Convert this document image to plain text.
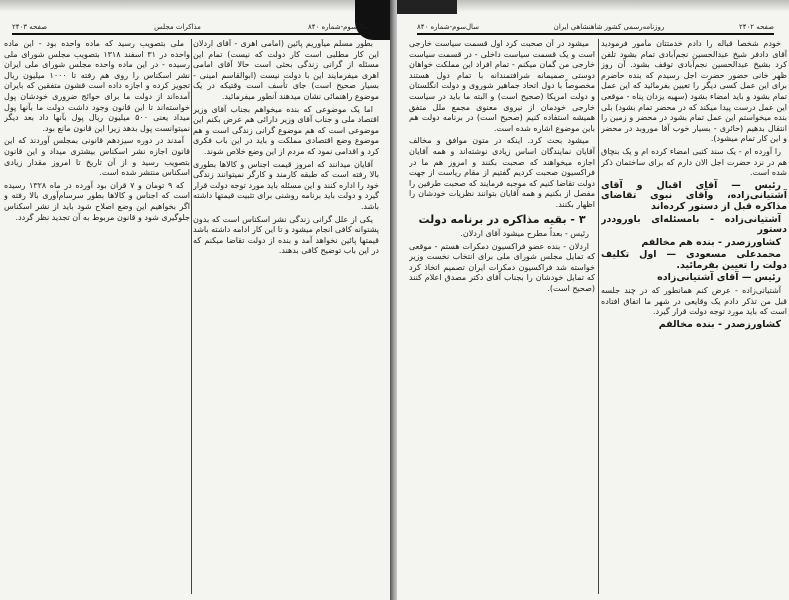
سال‌سوم-شماره ۸۴۰
مذاکرات مجلس
صفحه ۲۴۰۳

بطور مسلم میآوریم پائین (امامی اهری - آقای اردلان این کار مطلبی است کار دولت که نیست) تمام این مسئله از گرانی زندگی بحثی است حالا آقای امامی اهری میفرمایند این با دولت نیست (ابوالقاسم امینی - بسیار صحیح است) جای تأسف است وقتیکه در یک موضوع راهنمائی نشان میدهند آنطور میفرمائید.

اما یک موضوعی که بنده میخواهم بجناب آقای وزیر اقتصاد ملی و جناب آقای وزیر دارائی هم عرض بکنم این موضوعی است که هم موضوع گرانی زندگی است و هم موضوع وضع اقتصادی مملکت و باید در این باب فکری کرد و اقدامی نمود که مردم از این وضع خلاص شوند.

آقایان میدانند که امروز قیمت اجناس و کالاها بطوری بالا رفته است که طبقه کارمند و کارگر نمیتوانند زندگی خود را اداره کنند و این مسئله باید مورد توجه دولت قرار گیرد و دولت باید برنامه روشنی برای تثبیت قیمتها داشته باشد.

یکی از علل گرانی زندگی نشر اسکناس است که بدون پشتوانه کافی انجام میشود و تا این کار ادامه داشته باشد قیمتها پائین نخواهد آمد و بنده از دولت تقاضا میکنم که در این باب توضیح کافی بدهند.

ملی بتصویب رسید که ماده واحده بود - این ماده واحده در ۳۱ اسفند ۱۳۱۸ بتصویب مجلس شورای ملی رسیده - در این ماده واحده مجلس شورای ملی ایران نشر اسکناس را روی هم رفته تا ۱۰۰۰ میلیون ریال تجویز کرده و اجازه داده است قشون متفقین که بایران آمده‌اند از دولت ما برای حوائج ضروری خودشان پول خواسته‌اند تا این قانون وجود داشت دولت ما بآنها پول میداد یعنی ۵۰۰ میلیون ریال پول بآنها داد بعد دیگر نمیتوانست پول بدهد زیرا این قانون مانع بود.

آمدند در دوره سیزدهم قانونی بمجلس آوردند که این قانون اجازه نشر اسکناس بیشتری میداد و این قانون بتصویب رسید و از آن تاریخ تا امروز مقدار زیادی اسکناس منتشر شده است.

که ۹ تومان و ۷ قران بود آورده در ماه ۱۳۲۸ رسیده است که اجناس و کالاها بطور سرسام‌آوری بالا رفته و اگر بخواهیم این وضع اصلاح شود باید از نشر اسکناس جلوگیری شود و قانون مربوط به آن تجدید نظر گردد.

صفحه ۲۴۰۲
روزنامه‌رسمی کشور شاهنشاهی ایران
سال‌سوم-شماره ۸۴۰

میشود در آن صحبت کرد اول قسمت سیاست خارجی است و یک قسمت سیاست داخلی - در قسمت سیاست خارجی من گمان میکنم - تمام افراد این مملکت خواهان دوستی صمیمانه شرافتمندانه با تمام دول هستند مخصوصاً با دول اتحاد جماهیر شوروی و دولت انگلستان و دولت امریکا (صحیح است) و البته ما باید در سیاست خارجی خودمان از نیروی معنوی مجمع ملل متفق همیشه استفاده کنیم (صحیح است) در برنامه دولت هم باین موضوع اشاره شده است.

میشود بحث کرد. اینکه در متون موافق و مخالف آقایان نمایندگان اساس زیادی نوشته‌اند و همه آقایان اجازه میخواهند که صحبت بکنند و امروز هم ما در فراکسیون صحبت کردیم گفتیم از مقام ریاست از جهت دولت تقاضا کنیم که موجبه فرمایند که صحبت طرفین را مفصل از بکنیم و همه آقایان بتوانند نظریات خودشان را اظهار بکنند.

۳ - بقیه مذاکره در برنامه دولت

رئیس - بعداً مطرح میشود آقای اردلان.

اردلان - بنده عضو فراکسیون دمکرات هستم - موقعی که تمایل مجلس شورای ملی برای انتخاب نخست وزیر خواسته شد فراکسیون دمکرات ایران تصمیم اتخاذ کرد که تمایل خودشان را بجناب آقای دکتر مصدق اعلام کنند (صحیح است).

خودم شخصاً قباله را دادم خدمتتان مأمور فرمودید آقای دادفر شیخ عبدالحسین نجم‌آبادی تمام بشود تلفن کرد بشیخ عبدالحسین نجم‌آبادی توقف بشود. آن روز ظهر خانی حضور حضرت اجل رسیدم که بنده حاضرم برای این عمل کسی دیگر را تعیین بفرمائید که این عمل تمام بشود و باید امضاء بشود (سهیه یزدان پناه - موقعی این عمل درست پیدا میکند که در محضر تمام بشود) بلی بنده میخواستم این عمل تمام بشود در محضر و زمین را انتقال بدهیم (حائری - بسیار خوب آقا موروبد در محضر و این کار تمام میشود).

را آورده ام - یک سند کتبی امضاء کرده ام و یک بنچاق هم در نزد حضرت اجل الان دارم که برای ساختمان ذکر شده است.

رئیس — آقای اقبال و آقای آشتیانی‌زاده، وآقای نبوی تقاضای مذاکره قبل از دستور کرده‌اند

آشتیانی‌زاده - بامسئله‌ای باوروددر دستور

کشاورزصدر - بنده هم مخالفم

محمدعلی مسعودی — اول تکلیف دولت را تعیین بفرمائید.

رئیس — آقای آشتیانی‌زاده

آشتیانی‌زاده - عرض کنم همانطور که در چند جلسه قبل من تذکر دادم یک وقایعی در شهر ما اتفاق افتاده است که باید مورد توجه دولت قرار گیرد.

کشاورزصدر - بنده مخالفم
